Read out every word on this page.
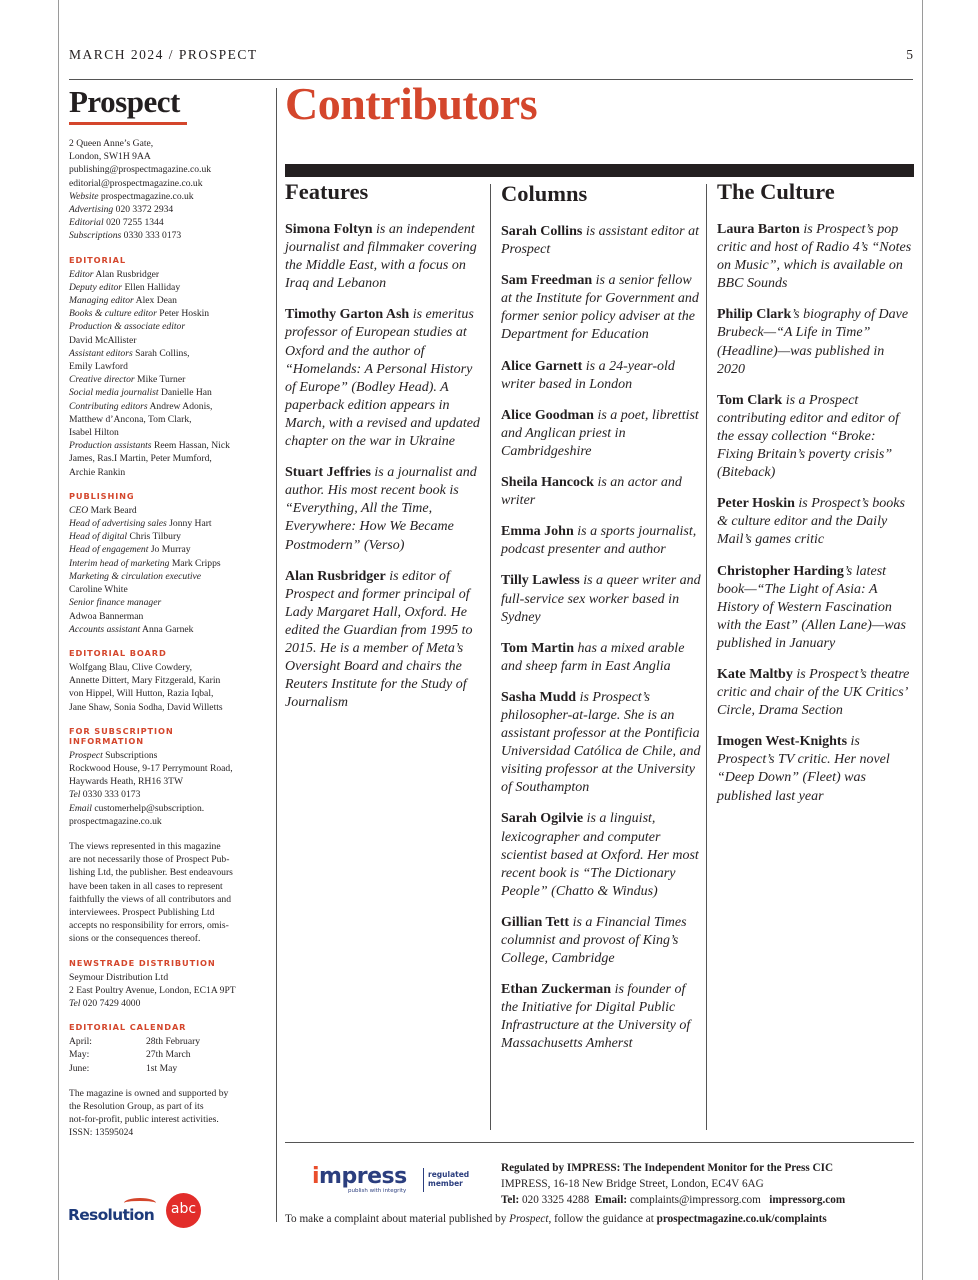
MARCH 2024 / PROSPECT	5
Prospect
2 Queen Anne’s Gate,
London, SW1H 9AA
publishing@prospectmagazine.co.uk
editorial@prospectmagazine.co.uk
Website prospectmagazine.co.uk
Advertising 020 3372 2934
Editorial 020 7255 1344
Subscriptions 0330 333 0173
EDITORIAL
Editor Alan Rusbridger
Deputy editor Ellen Halliday
Managing editor Alex Dean
Books & culture editor Peter Hoskin
Production & associate editor
David McAllister
Assistant editors Sarah Collins,
Emily Lawford
Creative director Mike Turner
Social media journalist Danielle Han
Contributing editors Andrew Adonis,
Matthew d’Ancona, Tom Clark,
Isabel Hilton
Production assistants Reem Hassan, Nick
James, Ras.I Martin, Peter Mumford,
Archie Rankin
PUBLISHING
CEO Mark Beard
Head of advertising sales Jonny Hart
Head of digital Chris Tilbury
Head of engagement Jo Murray
Interim head of marketing Mark Cripps
Marketing & circulation executive
Caroline White
Senior finance manager
Adwoa Bannerman
Accounts assistant Anna Garnek
EDITORIAL BOARD
Wolfgang Blau, Clive Cowdery,
Annette Dittert, Mary Fitzgerald, Karin
von Hippel, Will Hutton, Razia Iqbal,
Jane Shaw, Sonia Sodha, David Willetts
FOR SUBSCRIPTION
INFORMATION
Prospect Subscriptions
Rockwood House, 9-17 Perrymount Road,
Haywards Heath, RH16 3TW
Tel 0330 333 0173
Email customerhelp@subscription.
prospectmagazine.co.uk
The views represented in this magazine
are not necessarily those of Prospect Pub-
lishing Ltd, the publisher. Best endeavours
have been taken in all cases to represent
faithfully the views of all contributors and
interviewees. Prospect Publishing Ltd
accepts no responsibility for errors, omis-
sions or the consequences thereof.
NEWSTRADE DISTRIBUTION
Seymour Distribution Ltd
2 East Poultry Avenue, London, EC1A 9PT
Tel 020 7429 4000
EDITORIAL CALENDAR
April:	28th February
May:	27th March
June:	1st May
The magazine is owned and supported by
the Resolution Group, as part of its
not-for-profit, public interest activities.
ISSN: 13595024
Resolution	abc
Contributors
Features

Simona Foltyn is an independent journalist and filmmaker covering the Middle East, with a focus on Iraq and Lebanon

Timothy Garton Ash is emeritus professor of European studies at Oxford and the author of “Homelands: A Personal History of Europe” (Bodley Head). A paperback edition appears in March, with a revised and updated chapter on the war in Ukraine

Stuart Jeffries is a journalist and author. His most recent book is “Everything, All the Time, Everywhere: How We Became Postmodern” (Verso)

Alan Rusbridger is editor of Prospect and former principal of Lady Margaret Hall, Oxford. He edited the Guardian from 1995 to 2015. He is a member of Meta’s Oversight Board and chairs the Reuters Institute for the Study of Journalism

Columns

Sarah Collins is assistant editor at Prospect

Sam Freedman is a senior fellow at the Institute for Government and former senior policy adviser at the Department for Education

Alice Garnett is a 24-year-old writer based in London

Alice Goodman is a poet, librettist and Anglican priest in Cambridgeshire

Sheila Hancock is an actor and writer

Emma John is a sports journalist, podcast presenter and author

Tilly Lawless is a queer writer and full-service sex worker based in Sydney

Tom Martin has a mixed arable and sheep farm in East Anglia

Sasha Mudd is Prospect’s philosopher-at-large. She is an assistant professor at the Pontificia Universidad Católica de Chile, and visiting professor at the University of Southampton

Sarah Ogilvie is a linguist, lexicographer and computer scientist based at Oxford. Her most recent book is “The Dictionary People” (Chatto & Windus)

Gillian Tett is a Financial Times columnist and provost of King’s College, Cambridge

Ethan Zuckerman is founder of the Initiative for Digital Public Infrastructure at the University of Massachusetts Amherst

The Culture

Laura Barton is Prospect’s pop critic and host of Radio 4’s “Notes on Music”, which is available on BBC Sounds

Philip Clark’s biography of Dave Brubeck—“A Life in Time” (Headline)—was published in 2020

Tom Clark is a Prospect contributing editor and editor of the essay collection “Broke: Fixing Britain’s poverty crisis” (Biteback)

Peter Hoskin is Prospect’s books & culture editor and the Daily Mail’s games critic

Christopher Harding’s latest book—“The Light of Asia: A History of Western Fascination with the East” (Allen Lane)—was published in January

Kate Maltby is Prospect’s theatre critic and chair of the UK Critics’ Circle, Drama Section

Imogen West-Knights is Prospect’s TV critic. Her novel “Deep Down” (Fleet) was published last year

impress
publish with integrity
regulated
member
Regulated by IMPRESS: The Independent Monitor for the Press CIC
IMPRESS, 16-18 New Bridge Street, London, EC4V 6AG
Tel: 020 3325 4288 Email: complaints@impressorg.com impressorg.com
To make a complaint about material published by Prospect, follow the guidance at prospectmagazine.co.uk/complaints
